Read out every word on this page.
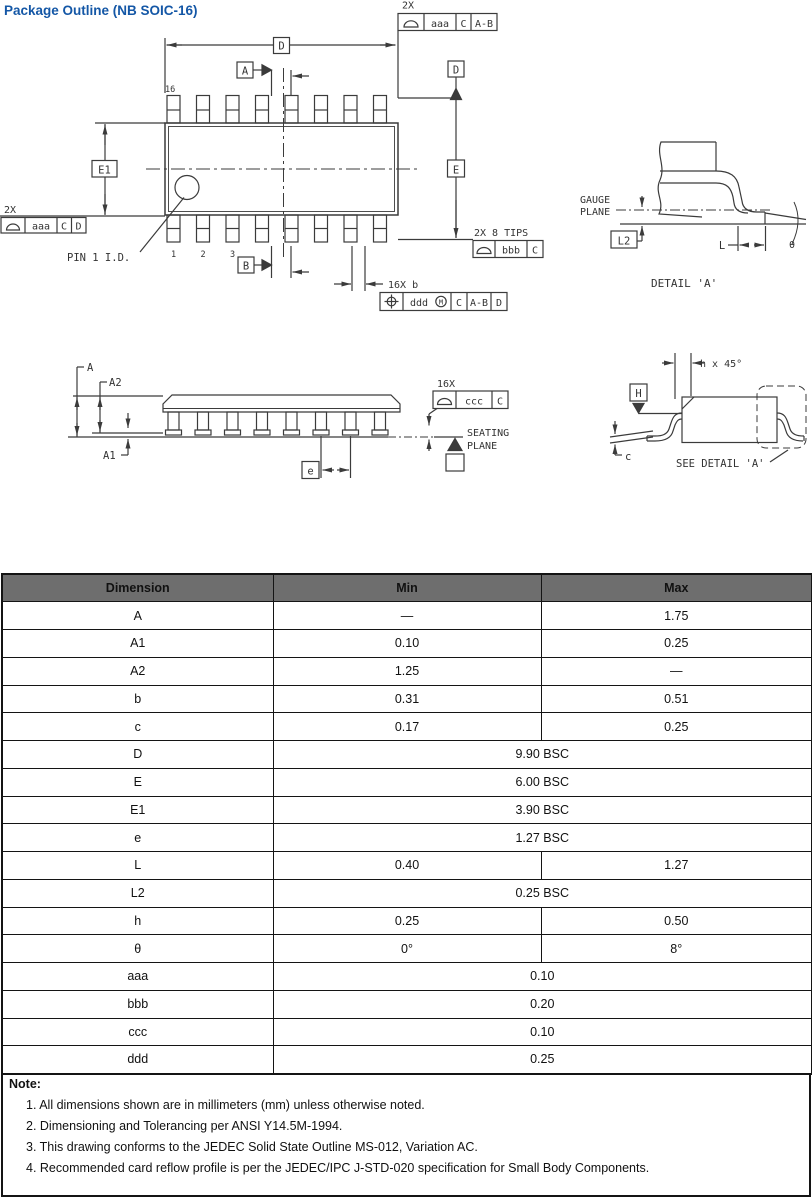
Package Outline (NB SOIC-16)
D
2X
aaa C A-B
A
PIN 1 I.D.
16
1	2	3
E1
2X
aaa C D
B
16X b
ddd M C A-B D
D
E
2X 8 TIPS
bbb C
GAUGE
PLANE
L2	L	θ
DETAIL 'A'
A
A2
A1
e
16X
ccc C
SEATING
PLANE
h x 45°
H
c
SEE DETAIL 'A'
Dimension	Min	Max
A	—	1.75
A1	0.10	0.25
A2	1.25	—
b	0.31	0.51
c	0.17	0.25
D	9.90 BSC	
E	6.00 BSC	
E1	3.90 BSC	
e	1.27 BSC	
L	0.40	1.27
L2	0.25 BSC	
h	0.25	0.50
θ	0°	8°
aaa	0.10	
bbb	0.20	
ccc	0.10	
ddd	0.25	
Note:
1. All dimensions shown are in millimeters (mm) unless otherwise noted.
2. Dimensioning and Tolerancing per ANSI Y14.5M-1994.
3. This drawing conforms to the JEDEC Solid State Outline MS-012, Variation AC.
4. Recommended card reflow profile is per the JEDEC/IPC J-STD-020 specification for Small Body Components.
